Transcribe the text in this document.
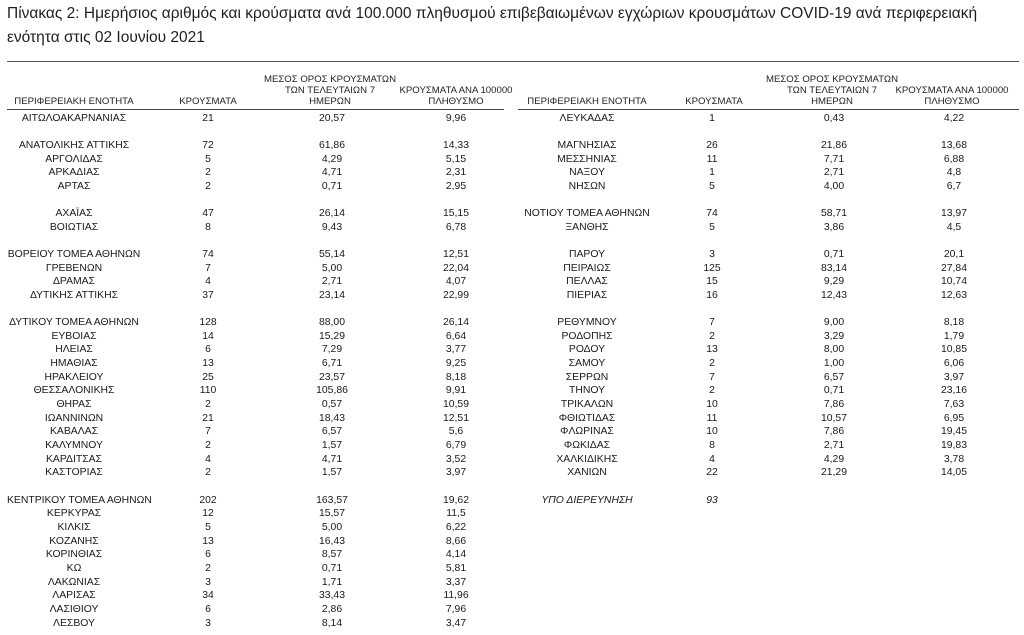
Πίνακας 2: Ημερήσιος αριθμός και κρούσματα ανά 100.000 πληθυσμού επιβεβαιωμένων εγχώριων κρουσμάτων COVID-19 ανά περιφερειακή ενότητα στις 02 Ιουνίου 2021
ΠΕΡΙΦΕΡΕΙΑΚΗ ΕΝΟΤΗΤΑ	ΚΡΟΥΣΜΑΤΑ
ΜΕΣΟΣ ΟΡΟΣ ΚΡΟΥΣΜΑΤΩΝ
ΤΩΝ ΤΕΛΕΥΤΑΙΩΝ 7
ΗΜΕΡΩΝ
ΚΡΟΥΣΜΑΤΑ ΑΝΑ 100000
ΠΛΗΘΥΣΜΟ	ΠΕΡΙΦΕΡΕΙΑΚΗ ΕΝΟΤΗΤΑ	ΚΡΟΥΣΜΑΤΑ
ΜΕΣΟΣ ΟΡΟΣ ΚΡΟΥΣΜΑΤΩΝ
ΤΩΝ ΤΕΛΕΥΤΑΙΩΝ 7
ΗΜΕΡΩΝ
ΚΡΟΥΣΜΑΤΑ ΑΝΑ 100000
ΠΛΗΘΥΣΜΟ
ΑΙΤΩΛΟΑΚΑΡΝΑΝΙΑΣ	21	20,57	9,96
ΑΝΑΤΟΛΙΚΗΣ ΑΤΤΙΚΗΣ	72	61,86	14,33
ΑΡΓΟΛΙΔΑΣ	5	4,29	5,15
ΑΡΚΑΔΙΑΣ	2	4,71	2,31
ΑΡΤΑΣ	2	0,71	2,95
ΑΧΑΪΑΣ	47	26,14	15,15
ΒΟΙΩΤΙΑΣ	8	9,43	6,78
ΒΟΡΕΙΟΥ ΤΟΜΕΑ ΑΘΗΝΩΝ	74	55,14	12,51
ΓΡΕΒΕΝΩΝ	7	5,00	22,04
ΔΡΑΜΑΣ	4	2,71	4,07
ΔΥΤΙΚΗΣ ΑΤΤΙΚΗΣ	37	23,14	22,99
ΔΥΤΙΚΟΥ ΤΟΜΕΑ ΑΘΗΝΩΝ	128	88,00	26,14
ΕΥΒΟΙΑΣ	14	15,29	6,64
ΗΛΕΙΑΣ	6	7,29	3,77
ΗΜΑΘΙΑΣ	13	6,71	9,25
ΗΡΑΚΛΕΙΟΥ	25	23,57	8,18
ΘΕΣΣΑΛΟΝΙΚΗΣ	110	105,86	9,91
ΘΗΡΑΣ	2	0,57	10,59
ΙΩΑΝΝΙΝΩΝ	21	18,43	12,51
ΚΑΒΑΛΑΣ	7	6,57	5,6
ΚΑΛΥΜΝΟΥ	2	1,57	6,79
ΚΑΡΔΙΤΣΑΣ	4	4,71	3,52
ΚΑΣΤΟΡΙΑΣ	2	1,57	3,97
ΚΕΝΤΡΙΚΟΥ ΤΟΜΕΑ ΑΘΗΝΩΝ	202	163,57	19,62
ΚΕΡΚΥΡΑΣ	12	15,57	11,5
ΚΙΛΚΙΣ	5	5,00	6,22
ΚΟΖΑΝΗΣ	13	16,43	8,66
ΚΟΡΙΝΘΙΑΣ	6	8,57	4,14
ΚΩ	2	0,71	5,81
ΛΑΚΩΝΙΑΣ	3	1,71	3,37
ΛΑΡΙΣΑΣ	34	33,43	11,96
ΛΑΣΙΘΙΟΥ	6	2,86	7,96
ΛΕΣΒΟΥ	3	8,14	3,47
ΛΕΥΚΑΔΑΣ	1	0,43	4,22
ΜΑΓΝΗΣΙΑΣ	26	21,86	13,68
ΜΕΣΣΗΝΙΑΣ	11	7,71	6,88
ΝΑΞΟΥ	1	2,71	4,8
ΝΗΣΩΝ	5	4,00	6,7
ΝΟΤΙΟΥ ΤΟΜΕΑ ΑΘΗΝΩΝ	74	58,71	13,97
ΞΑΝΘΗΣ	5	3,86	4,5
ΠΑΡΟΥ	3	0,71	20,1
ΠΕΙΡΑΙΩΣ	125	83,14	27,84
ΠΕΛΛΑΣ	15	9,29	10,74
ΠΙΕΡΙΑΣ	16	12,43	12,63
ΡΕΘΥΜΝΟΥ	7	9,00	8,18
ΡΟΔΟΠΗΣ	2	3,29	1,79
ΡΟΔΟΥ	13	8,00	10,85
ΣΑΜΟΥ	2	1,00	6,06
ΣΕΡΡΩΝ	7	6,57	3,97
ΤΗΝΟΥ	2	0,71	23,16
ΤΡΙΚΑΛΩΝ	10	7,86	7,63
ΦΘΙΩΤΙΔΑΣ	11	10,57	6,95
ΦΛΩΡΙΝΑΣ	10	7,86	19,45
ΦΩΚΙΔΑΣ	8	2,71	19,83
ΧΑΛΚΙΔΙΚΗΣ	4	4,29	3,78
ΧΑΝΙΩΝ	22	21,29	14,05
ΥΠΟ ΔΙΕΡΕΥΝΗΣΗ	93
